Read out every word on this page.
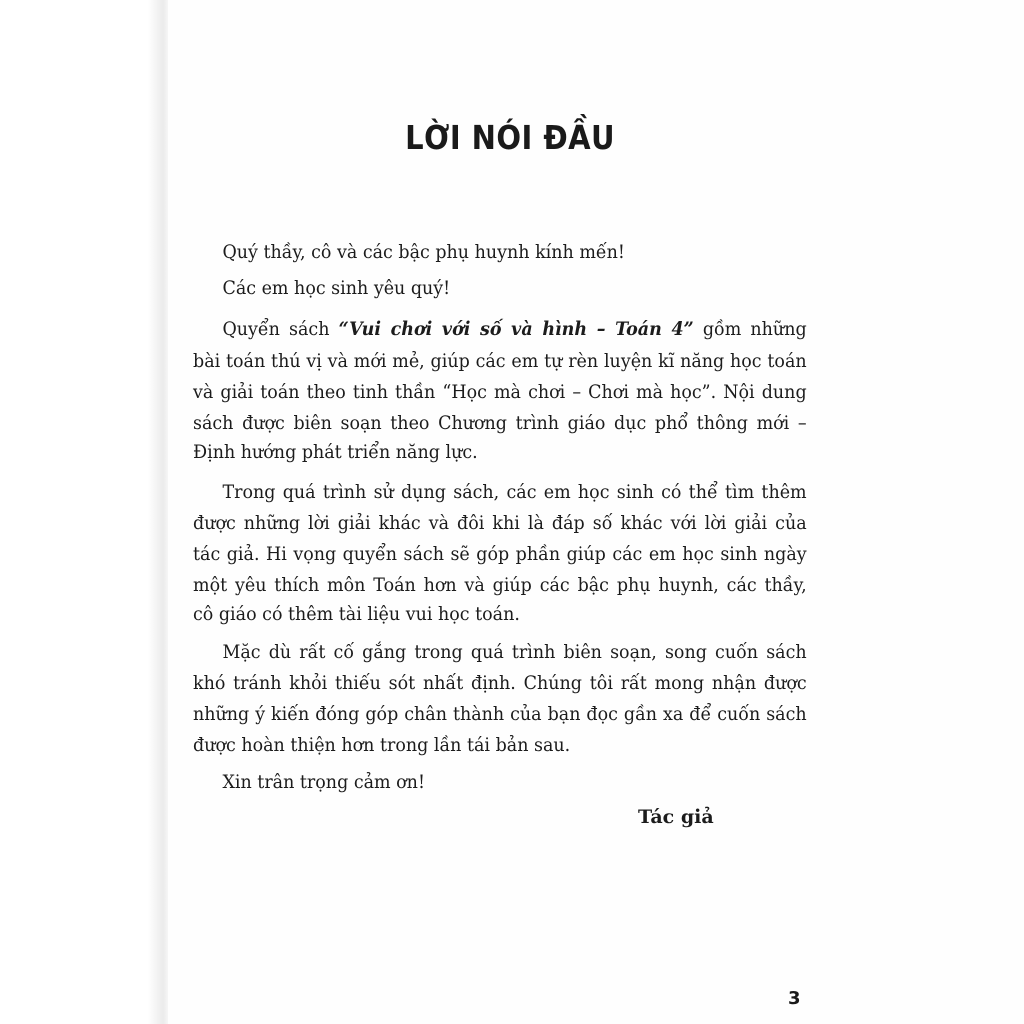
LỜI NÓI ĐẦU
Quý thầy, cô và các bậc phụ huynh kính mến!
Các em học sinh yêu quý!
Quyển sách “Vui chơi với số và hình – Toán 4” gồm những
bài toán thú vị và mới mẻ, giúp các em tự rèn luyện kĩ năng học toán
và giải toán theo tinh thần “Học mà chơi – Chơi mà học”. Nội dung
sách được biên soạn theo Chương trình giáo dục phổ thông mới –
Định hướng phát triển năng lực.
Trong quá trình sử dụng sách, các em học sinh có thể tìm thêm
được những lời giải khác và đôi khi là đáp số khác với lời giải của
tác giả. Hi vọng quyển sách sẽ góp phần giúp các em học sinh ngày
một yêu thích môn Toán hơn và giúp các bậc phụ huynh, các thầy,
cô giáo có thêm tài liệu vui học toán.
Mặc dù rất cố gắng trong quá trình biên soạn, song cuốn sách
khó tránh khỏi thiếu sót nhất định. Chúng tôi rất mong nhận được
những ý kiến đóng góp chân thành của bạn đọc gần xa để cuốn sách
được hoàn thiện hơn trong lần tái bản sau.
Xin trân trọng cảm ơn!
Tác giả
3
